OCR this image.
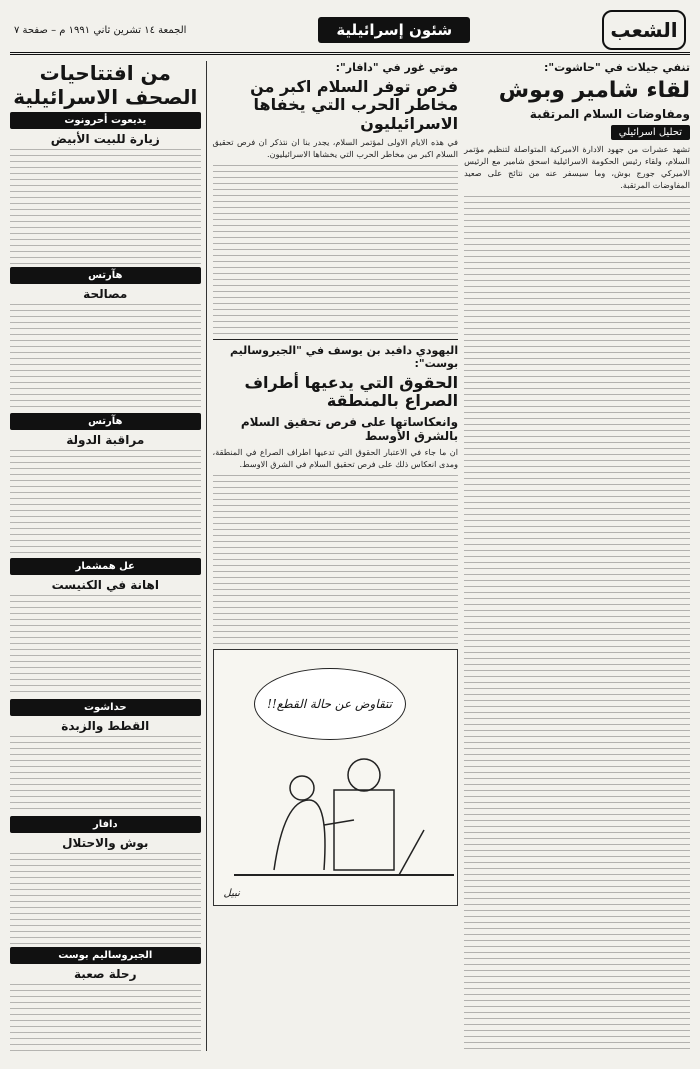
الشعب
شئون إسرائيلية
الجمعة ١٤ تشرين ثاني ١٩٩١ م – صفحة ٧
تنفي جيلات في "حاشوت":
لقاء شامير وبوش

ومفاوضات السلام المرتقبة

تحليل اسرائيلي

تشهد عشرات من جهود الادارة الاميركية المتواصلة لتنظيم مؤتمر السلام، ولقاء رئيس الحكومة الاسرائيلية اسحق شامير مع الرئيس الاميركي جورج بوش، وما سيسفر عنه من نتائج على صعيد المفاوضات المرتقبة.

موتي غور في "دافار":
فرص توفر السلام اكبر من مخاطر الحرب التي يخفاها الاسرائيليون

في هذه الايام الاولى لمؤتمر السلام، يجدر بنا ان نتذكر ان فرص تحقيق السلام اكبر من مخاطر الحرب التي يخشاها الاسرائيليون.

اليهودي دافيد بن يوسف في "الجيروساليم بوست":
الحقوق التي يدعيها أطراف الصراع بالمنطقة

وانعكاساتها على فرص تحقيق السلام بالشرق الأوسط

ان ما جاء في الاعتبار الحقوق التي تدعيها اطراف الصراع في المنطقة، ومدى انعكاس ذلك على فرص تحقيق السلام في الشرق الاوسط.

تتقاوض عن حالة القطع!!
نبيل
من افتتاحيات الصحف الاسرائيلية
يديعوت أحرونوت

زيارة للبيت الأبيض

هآرتس

مصالحة

هآرتس

مراقبة الدولة

عل همشمار

اهانة في الكنيست

حداشوت

القطط والزبدة

دافار

بوش والاحتلال

الجيروساليم بوست

رحلة صعبة
